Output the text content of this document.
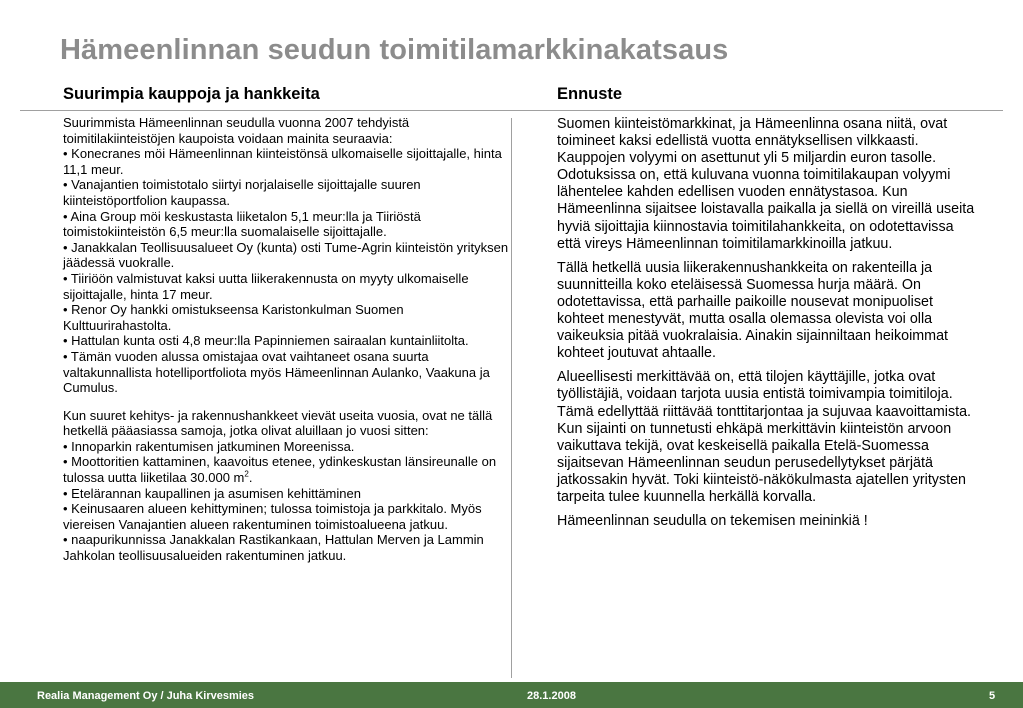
Hämeenlinnan seudun toimitilamarkkinakatsaus
Suurimpia kauppoja ja hankkeita	Ennuste

Suurimmista Hämeenlinnan seudulla vuonna 2007 tehdyistä toimitilakiinteistöjen kaupoista voidaan mainita seuraavia:

• Konecranes möi Hämeenlinnan kiinteistönsä ulkomaiselle sijoittajalle, hinta 11,1 meur.

• Vanajantien toimistotalo siirtyi norjalaiselle sijoittajalle suuren kiinteistöportfolion kaupassa.

• Aina Group möi keskustasta liiketalon 5,1 meur:lla ja Tiiriöstä toimistokiinteistön 6,5 meur:lla suomalaiselle sijoittajalle.

• Janakkalan Teollisuusalueet Oy (kunta) osti Tume-Agrin kiinteistön yrityksen jäädessä vuokralle.

• Tiiriöön valmistuvat kaksi uutta liikerakennusta on myyty ulkomaiselle sijoittajalle, hinta 17 meur.

• Renor Oy hankki omistukseensa Karistonkulman Suomen Kulttuurirahastolta.

• Hattulan kunta osti 4,8 meur:lla Papinniemen sairaalan kuntainliitolta.

• Tämän vuoden alussa omistajaa ovat vaihtaneet osana suurta valtakunnallista hotelliportfoliota myös Hämeenlinnan Aulanko, Vaakuna ja Cumulus.

Kun suuret kehitys- ja rakennushankkeet vievät useita vuosia, ovat ne tällä hetkellä pääasiassa samoja, jotka olivat aluillaan jo vuosi sitten:

• Innoparkin rakentumisen jatkuminen Moreenissa.

• Moottoritien kattaminen, kaavoitus etenee, ydinkeskustan länsireunalle on tulossa uutta liiketilaa 30.000 $m^2$.

• Etelärannan kaupallinen ja asumisen kehittäminen

• Keinusaaren alueen kehittyminen; tulossa toimistoja ja parkkitalo. Myös viereisen Vanajantien alueen rakentuminen toimistoalueena jatkuu.

• naapurikunnissa Janakkalan Rastikankaan, Hattulan Merven ja Lammin Jahkolan teollisuusalueiden rakentuminen jatkuu.

Suomen kiinteistömarkkinat, ja Hämeenlinna osana niitä, ovat toimineet kaksi edellistä vuotta ennätyksellisen vilkkaasti. Kauppojen volyymi on asettunut yli 5 miljardin euron tasolle. Odotuksissa on, että kuluvana vuonna toimitilakaupan volyymi lähentelee kahden edellisen vuoden ennätystasoa. Kun Hämeenlinna sijaitsee loistavalla paikalla ja siellä on vireillä useita hyviä sijoittajia kiinnostavia toimitilahankkeita, on odotettavissa että vireys Hämeenlinnan toimitilamarkkinoilla jatkuu.

Tällä hetkellä uusia liikerakennushankkeita on rakenteilla ja suunnitteilla koko eteläisessä Suomessa hurja määrä. On odotettavissa, että parhaille paikoille nousevat monipuoliset kohteet menestyvät, mutta osalla olemassa olevista voi olla vaikeuksia pitää vuokralaisia. Ainakin sijainniltaan heikoimmat kohteet joutuvat ahtaalle.

Alueellisesti merkittävää on, että tilojen käyttäjille, jotka ovat työllistäjiä, voidaan tarjota uusia entistä toimivampia toimitiloja. Tämä edellyttää riittävää tonttitarjontaa ja sujuvaa kaavoittamista. Kun sijainti on tunnetusti ehkäpä merkittävin kiinteistön arvoon vaikuttava tekijä, ovat keskeisellä paikalla Etelä-Suomessa sijaitsevan Hämeenlinnan seudun perusedellytykset pärjätä jatkossakin hyvät. Toki kiinteistö-näkökulmasta ajatellen yritysten tarpeita tulee kuunnella herkällä korvalla.

Hämeenlinnan seudulla on tekemisen meininkiä !

Realia Management Oy / Juha Kirvesmies	28.1.2008	5
